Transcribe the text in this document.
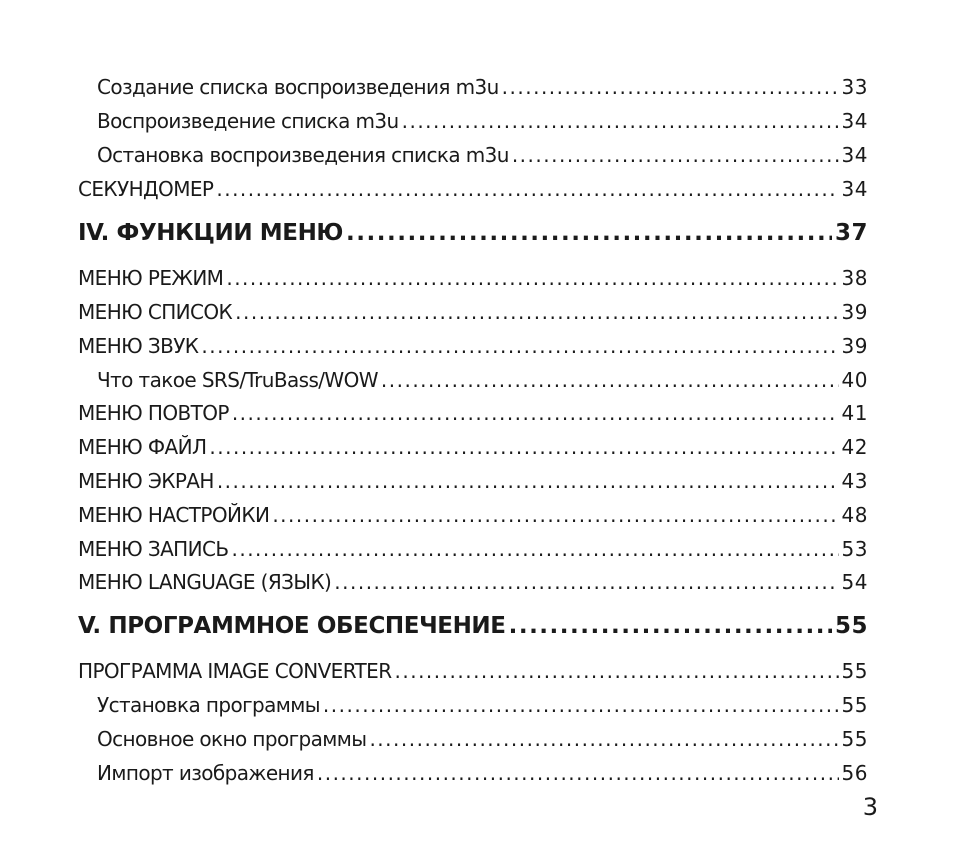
Создание списка воспроизведения m3u .....	33
Воспроизведение списка m3u .....	34
Остановка воспроизведения списка m3u .....	34
СЕКУНДОМЕР .....	34
IV. ФУНКЦИИ МЕНЮ .....	37
МЕНЮ РЕЖИМ .....	38
МЕНЮ СПИСОК .....	39
МЕНЮ ЗВУК .....	39
Что такое SRS/TruBass/WOW .....	40
МЕНЮ ПОВТОР .....	41
МЕНЮ ФАЙЛ .....	42
МЕНЮ ЭКРАН .....	43
МЕНЮ НАСТРОЙКИ .....	48
МЕНЮ ЗАПИСЬ .....	53
МЕНЮ LANGUAGE (ЯЗЫК) .....	54
V. ПРОГРАММНОЕ ОБЕСПЕЧЕНИЕ .....	55
ПРОГРАММА IMAGE CONVERTER .....	55
Установка программы .....	55
Основное окно программы .....	55
Импорт изображения .....	56
3
